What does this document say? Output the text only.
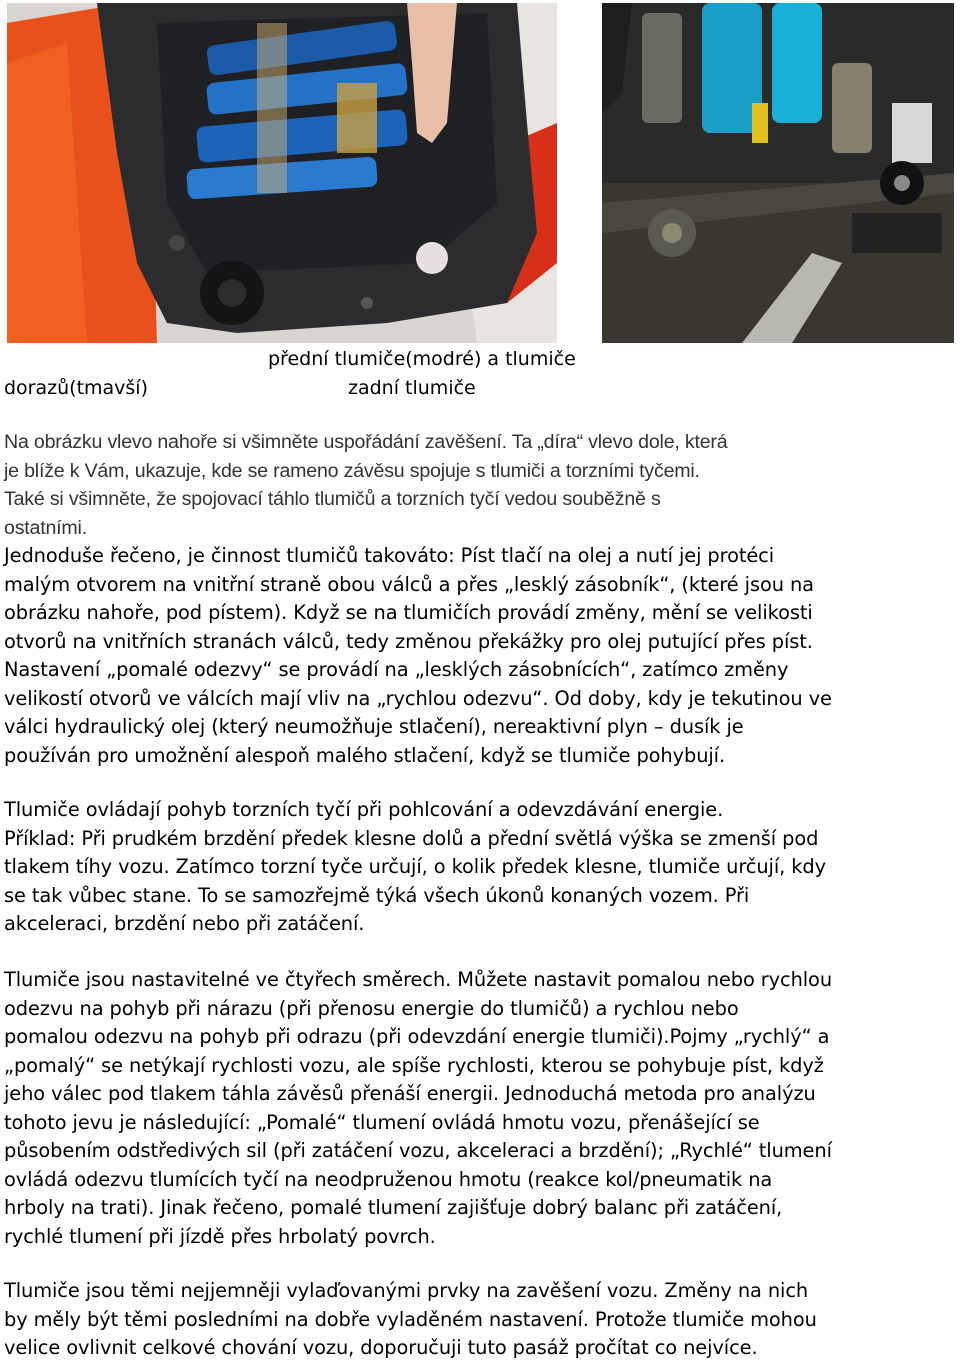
přední tlumiče(modré) a tlumiče
dorazů(tmavší)	zadní tlumiče
Na obrázku vlevo nahoře si všimněte uspořádání zavěšení. Ta „díra“ vlevo dole, která
je blíže k Vám, ukazuje, kde se rameno závěsu spojuje s tlumiči a torzními tyčemi.
Také si všimněte, že spojovací táhlo tlumičů a torzních tyčí vedou souběžně s
ostatními.
Jednoduše řečeno, je činnost tlumičů takováto: Píst tlačí na olej a nutí jej protéci
malým otvorem na vnitřní straně obou válců a přes „lesklý zásobník“, (které jsou na
obrázku nahoře, pod pístem). Když se na tlumičích provádí změny, mění se velikosti
otvorů na vnitřních stranách válců, tedy změnou překážky pro olej putující přes píst.
Nastavení „pomalé odezvy“ se provádí na „lesklých zásobnících“, zatímco změny
velikostí otvorů ve válcích mají vliv na „rychlou odezvu“. Od doby, kdy je tekutinou ve
válci hydraulický olej (který neumožňuje stlačení), nereaktivní plyn – dusík je
používán pro umožnění alespoň malého stlačení, když se tlumiče pohybují.
Tlumiče ovládají pohyb torzních tyčí při pohlcování a odevzdávání energie.
Příklad: Při prudkém brzdění předek klesne dolů a přední světlá výška se zmenší pod
tlakem tíhy vozu. Zatímco torzní tyče určují, o kolik předek klesne, tlumiče určují, kdy
se tak vůbec stane. To se samozřejmě týká všech úkonů konaných vozem. Při
akceleraci, brzdění nebo při zatáčení.
Tlumiče jsou nastavitelné ve čtyřech směrech. Můžete nastavit pomalou nebo rychlou
odezvu na pohyb při nárazu (při přenosu energie do tlumičů) a rychlou nebo
pomalou odezvu na pohyb při odrazu (při odevzdání energie tlumiči).Pojmy „rychlý“ a
„pomalý“ se netýkají rychlosti vozu, ale spíše rychlosti, kterou se pohybuje píst, když
jeho válec pod tlakem táhla závěsů přenáší energii. Jednoduchá metoda pro analýzu
tohoto jevu je následující: „Pomalé“ tlumení ovládá hmotu vozu, přenášející se
působením odstředivých sil (při zatáčení vozu, akceleraci a brzdění); „Rychlé“ tlumení
ovládá odezvu tlumících tyčí na neodpruženou hmotu (reakce kol/pneumatik na
hrboly na trati). Jinak řečeno, pomalé tlumení zajišťuje dobrý balanc při zatáčení,
rychlé tlumení při jízdě přes hrbolatý povrch.
Tlumiče jsou těmi nejjemněji vylaďovanými prvky na zavěšení vozu. Změny na nich
by měly být těmi posledními na dobře vyladěném nastavení. Protože tlumiče mohou
velice ovlivnit celkové chování vozu, doporučuji tuto pasáž pročítat co nejvíce.
